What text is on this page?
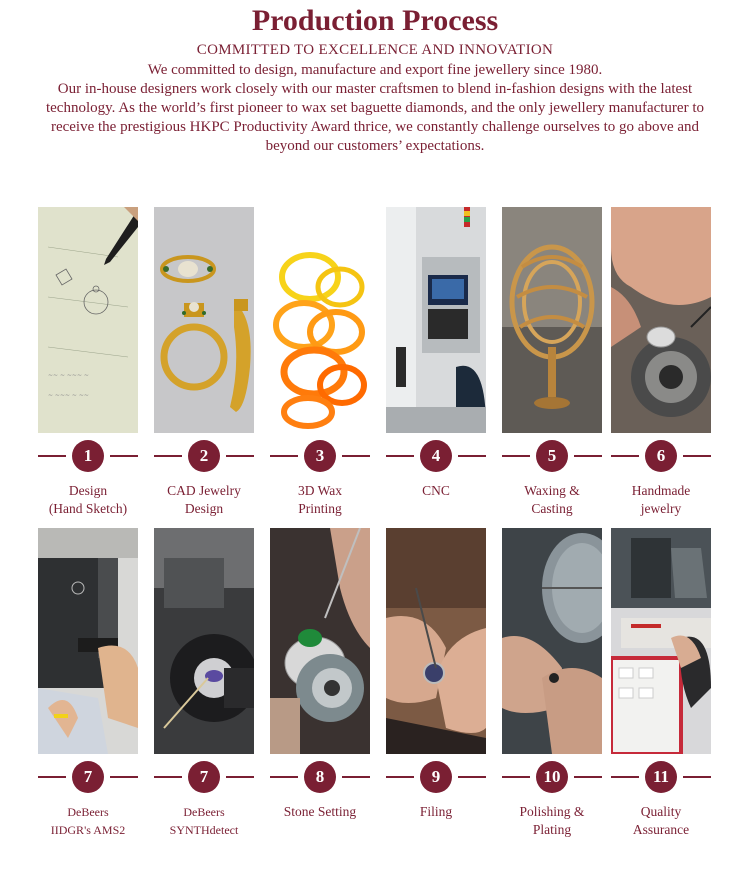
Production Process
COMMITTED TO EXCELLENCE AND INNOVATION

We committed to design, manufacture and export fine jewellery since 1980.
Our in-house designers work closely with our master craftsmen to blend in-fashion designs with the latest technology. As the world’s first pioneer to wax set baguette diamonds, and the only jewellery manufacturer to receive the prestigious HKPC Productivity Award thrice, we constantly challenge ourselves to go above and beyond our customers’ expectations.

~~ ~ ~~~ ~
~ ~~~ ~ ~~
1
Design
(Hand Sketch)
2
CAD Jewelry
Design
3
3D Wax
Printing
4
CNC

5
Waxing &
Casting
6
Handmade
jewelry
7
DeBeers
IIDGR's AMS2
7
DeBeers
SYNTHdetect
8
Stone Setting

9
Filing

10
Polishing &
Plating
11
Quality
Assurance
